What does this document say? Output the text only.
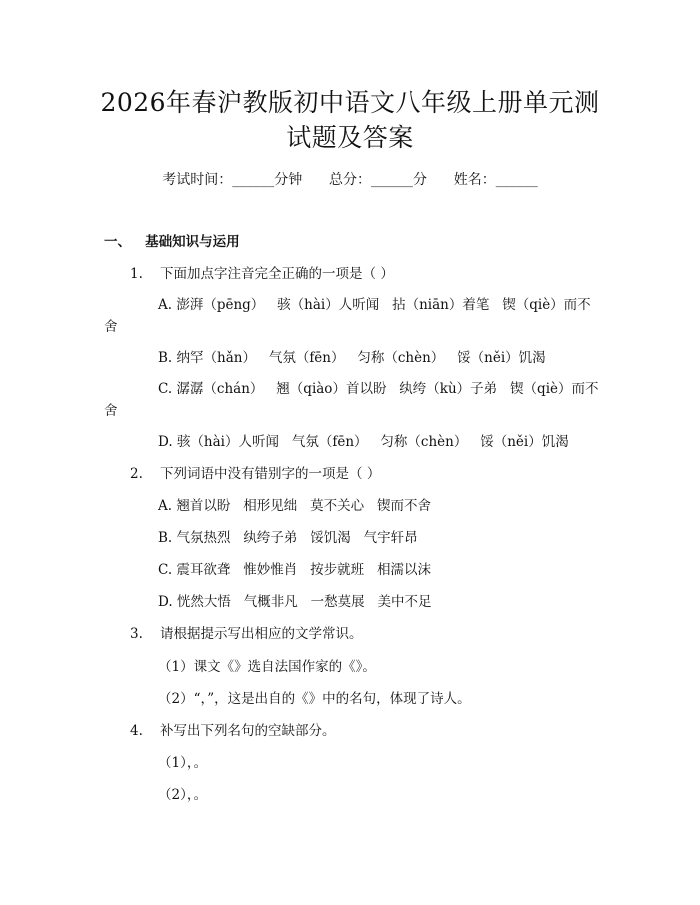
2026年春沪教版初中语文八年级上册单元测
试题及答案
考试时间：______分钟      总分：______分      姓名：______
一、   基础知识与运用
1.    下面加点字注音完全正确的一项是（ ）
A. 澎湃（pēng）   骇（hài）人听闻   拈（niān）着笔   锲（qiè）而不
舍
B. 纳罕（hǎn）   气氛（fēn）   匀称（chèn）   馁（něi）饥渴
C. 潺潺（chán）   翘（qiào）首以盼   纨绔（kù）子弟   锲（qiè）而不
舍
D. 骇（hài）人听闻   气氛（fēn）   匀称（chèn）   馁（něi）饥渴
2.    下列词语中没有错别字的一项是（ ）
A. 翘首以盼   相形见绌   莫不关心   锲而不舍
B. 气氛热烈   纨绔子弟   馁饥渴   气宇轩昂
C. 震耳欲聋   惟妙惟肖   按步就班   相濡以沫
D. 恍然大悟   气概非凡   一愁莫展   美中不足
3.    请根据提示写出相应的文学常识。
（1）课文《》选自法国作家的《》。
（2）“，”，这是出自的《》中的名句，体现了诗人。
4.    补写出下列名句的空缺部分。
（1），。
（2），。
